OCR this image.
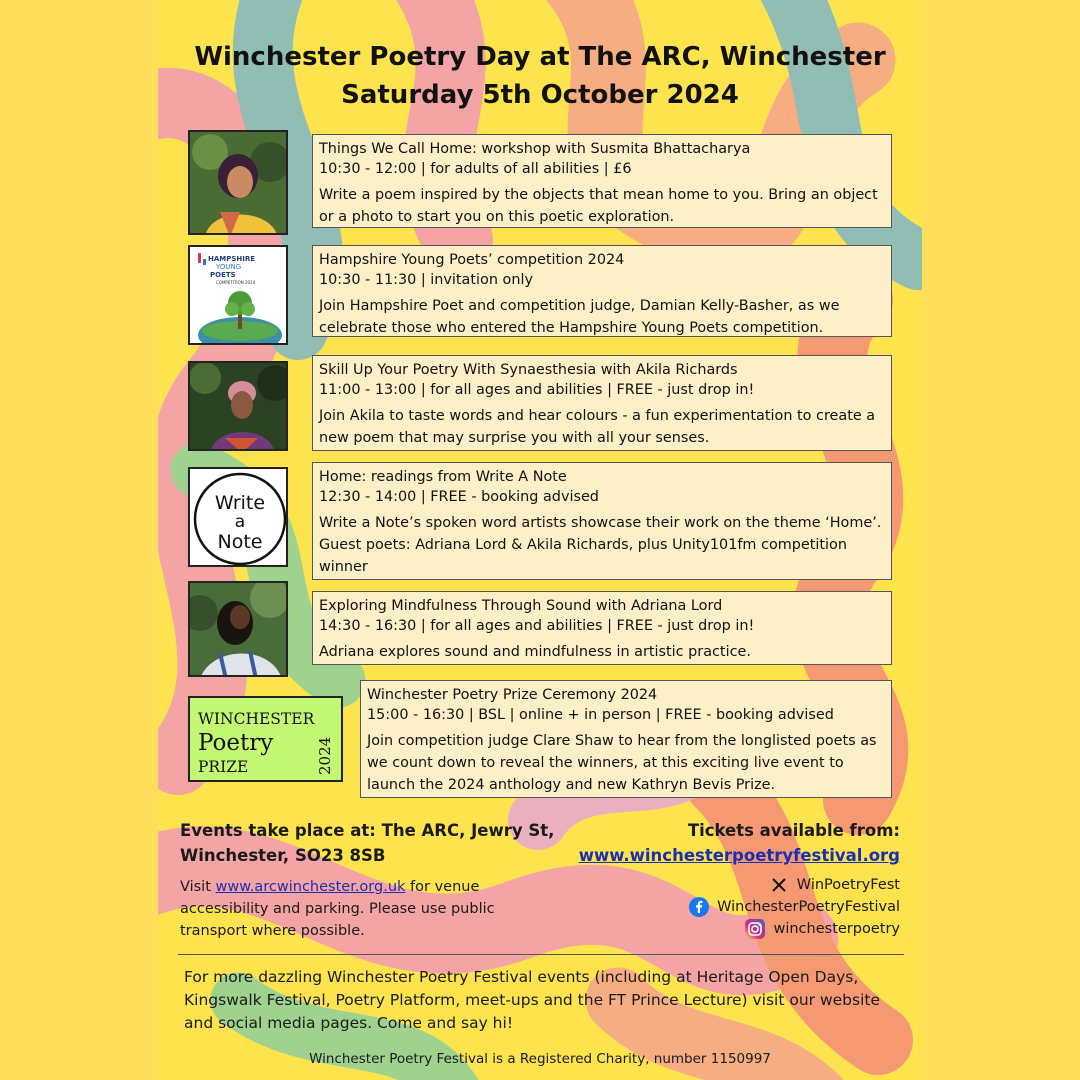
Winchester Poetry Day at The ARC, Winchester
Saturday 5th October 2024
Things We Call Home: workshop with Susmita Bhattacharya
10:30 - 12:00 | for adults of all abilities | £6
Write a poem inspired by the objects that mean home to you. Bring an object or a photo to start you on this poetic exploration.
HAMPSHIRE
YOUNG
POETS
COMPETITION 2024
Hampshire Young Poets’ competition 2024
10:30 - 11:30 | invitation only
Join Hampshire Poet and competition judge, Damian Kelly-Basher, as we celebrate those who entered the Hampshire Young Poets competition.
Skill Up Your Poetry With Synaesthesia with Akila Richards
11:00 - 13:00 | for all ages and abilities | FREE - just drop in!
Join Akila to taste words and hear colours - a fun experimentation to create a new poem that may surprise you with all your senses.
Write
a
Note
Home: readings from Write A Note
12:30 - 14:00 | FREE - booking advised
Write a Note’s spoken word artists showcase their work on the theme ‘Home’. Guest poets: Adriana Lord & Akila Richards, plus Unity101fm competition winner
Exploring Mindfulness Through Sound with Adriana Lord
14:30 - 16:30 | for all ages and abilities | FREE - just drop in!
Adriana explores sound and mindfulness in artistic practice.
WINCHESTER
Poetry
PRIZE	2024
Winchester Poetry Prize Ceremony 2024
15:00 - 16:30 | BSL | online + in person | FREE - booking advised
Join competition judge Clare Shaw to hear from the longlisted poets as we count down to reveal the winners, at this exciting live event to launch the 2024 anthology and new Kathryn Bevis Prize.
Events take place at: The ARC, Jewry St,
Winchester, SO23 8SB
Tickets available from:
www.winchesterpoetryfestival.org
Visit www.arcwinchester.org.uk for venue accessibility and parking. Please use public transport where possible.
WinPoetryFest
WinchesterPoetryFestival
winchesterpoetry
For more dazzling Winchester Poetry Festival events (including at Heritage Open Days, Kingswalk Festival, Poetry Platform, meet-ups and the FT Prince Lecture) visit our website and social media pages. Come and say hi!
Winchester Poetry Festival is a Registered Charity, number 1150997
